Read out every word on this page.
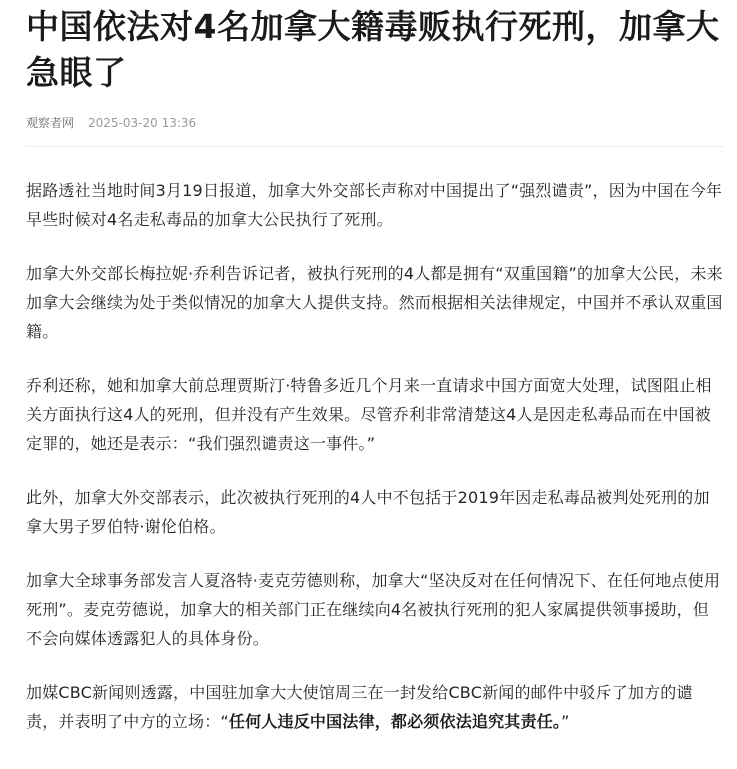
中国依法对4名加拿大籍毒贩执行死刑，加拿大急眼了
观察者网 2025-03-20 13:36

据路透社当地时间3月19日报道，加拿大外交部长声称对中国提出了“强烈谴责”，因为中国在今年早些时候对4名走私毒品的加拿大公民执行了死刑。

加拿大外交部长梅拉妮·乔利告诉记者，被执行死刑的4人都是拥有“双重国籍”的加拿大公民，未来加拿大会继续为处于类似情况的加拿大人提供支持。然而根据相关法律规定，中国并不承认双重国籍。

乔利还称，她和加拿大前总理贾斯汀·特鲁多近几个月来一直请求中国方面宽大处理，试图阻止相关方面执行这4人的死刑，但并没有产生效果。尽管乔利非常清楚这4人是因走私毒品而在中国被定罪的，她还是表示：“我们强烈谴责这一事件。”

此外，加拿大外交部表示，此次被执行死刑的4人中不包括于2019年因走私毒品被判处死刑的加拿大男子罗伯特·谢伦伯格。

加拿大全球事务部发言人夏洛特·麦克劳德则称，加拿大“坚决反对在任何情况下、在任何地点使用死刑”。麦克劳德说，加拿大的相关部门正在继续向4名被执行死刑的犯人家属提供领事援助，但不会向媒体透露犯人的具体身份。

加媒CBC新闻则透露，中国驻加拿大大使馆周三在一封发给CBC新闻的邮件中驳斥了加方的谴责，并表明了中方的立场：“任何人违反中国法律，都必须依法追究其责任。”
